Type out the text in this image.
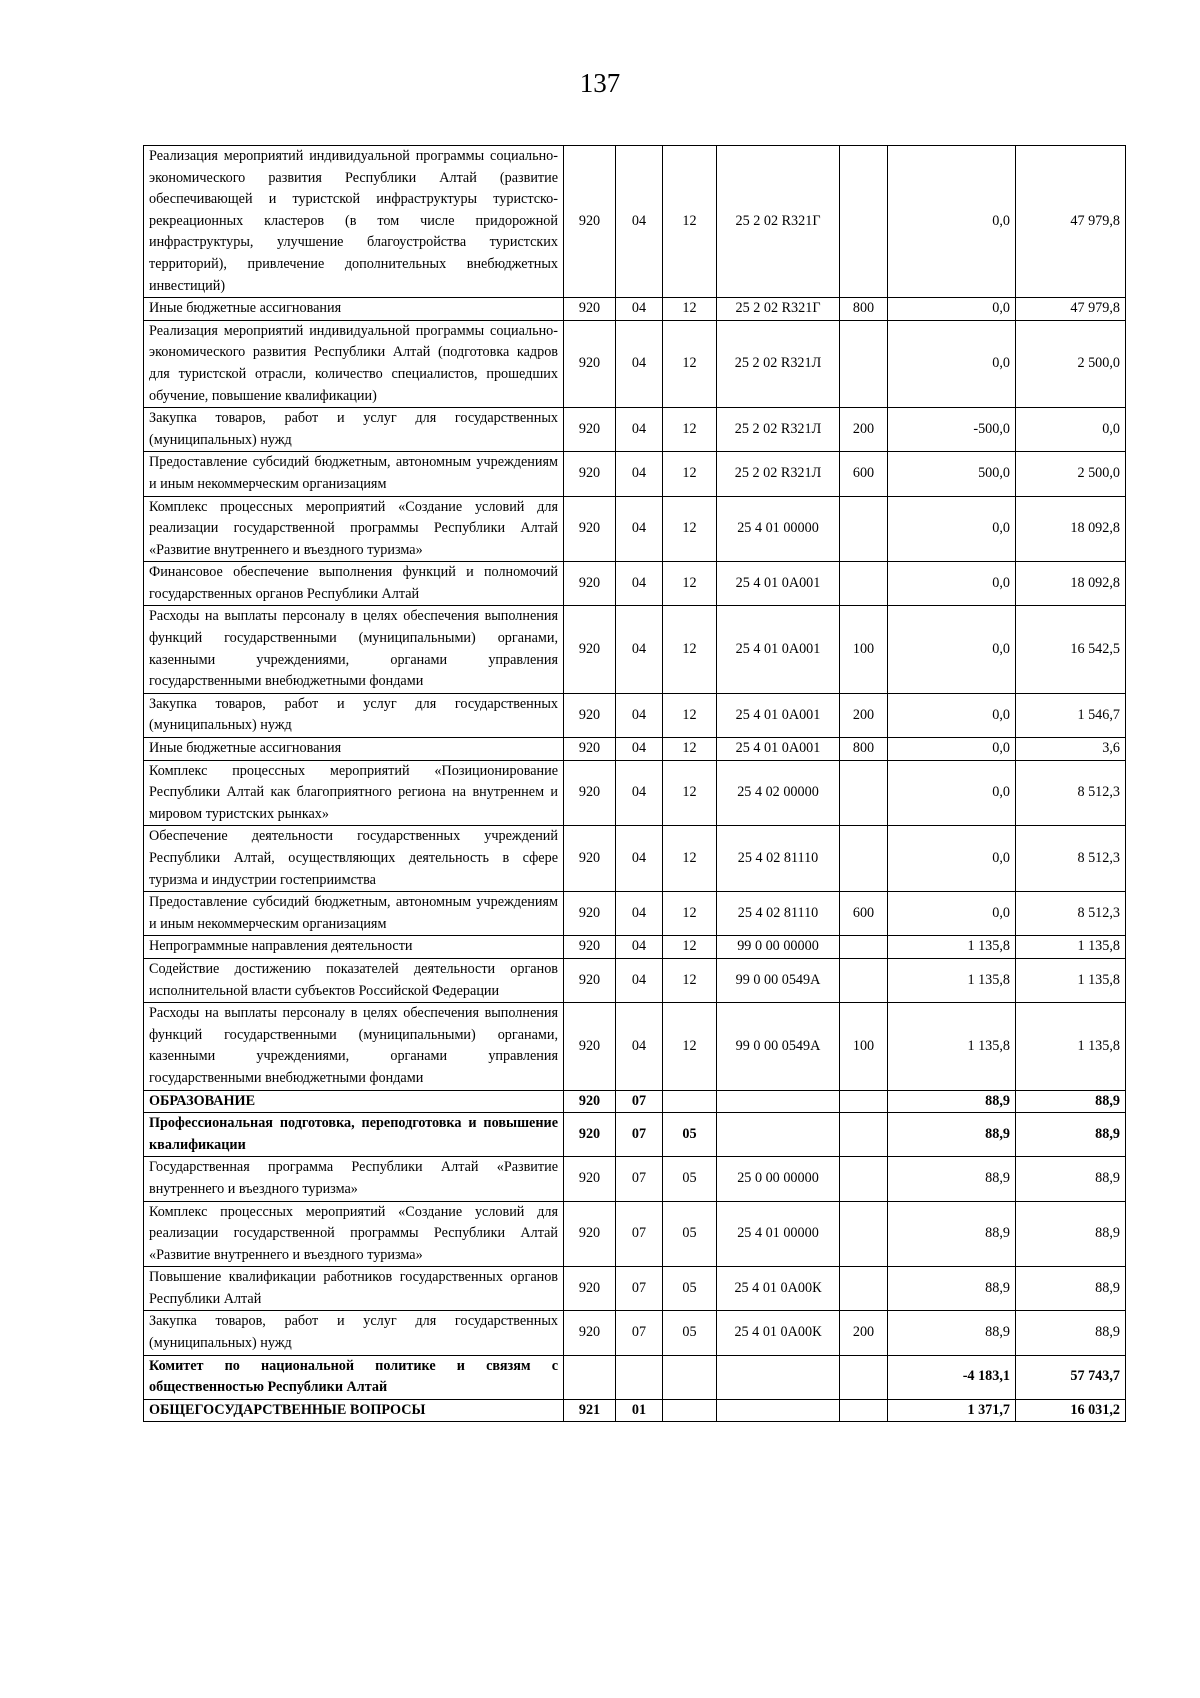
137
Реализация мероприятий индивидуальной программы социально-экономического развития Республики Алтай (развитие обеспечивающей и туристской инфраструктуры туристско-рекреационных кластеров (в том числе придорожной инфраструктуры, улучшение благоустройства туристских территорий), привлечение дополнительных внебюджетных инвестиций)	920	04	12	25 2 02 R321Г		0,0	47 979,8
Иные бюджетные ассигнования	920	04	12	25 2 02 R321Г	800	0,0	47 979,8
Реализация мероприятий индивидуальной программы социально-экономического развития Республики Алтай (подготовка кадров для туристской отрасли, количество специалистов, прошедших обучение, повышение квалификации)	920	04	12	25 2 02 R321Л		0,0	2 500,0
Закупка товаров, работ и услуг для государственных (муниципальных) нужд	920	04	12	25 2 02 R321Л	200	-500,0	0,0
Предоставление субсидий бюджетным, автономным учреждениям и иным некоммерческим организациям	920	04	12	25 2 02 R321Л	600	500,0	2 500,0
Комплекс процессных мероприятий «Создание условий для реализации государственной программы Республики Алтай «Развитие внутреннего и въездного туризма»	920	04	12	25 4 01 00000		0,0	18 092,8
Финансовое обеспечение выполнения функций и полномочий государственных органов Республики Алтай	920	04	12	25 4 01 0А001		0,0	18 092,8
Расходы на выплаты персоналу в целях обеспечения выполнения функций государственными (муниципальными) органами, казенными учреждениями, органами управления государственными внебюджетными фондами	920	04	12	25 4 01 0А001	100	0,0	16 542,5
Закупка товаров, работ и услуг для государственных (муниципальных) нужд	920	04	12	25 4 01 0А001	200	0,0	1 546,7
Иные бюджетные ассигнования	920	04	12	25 4 01 0А001	800	0,0	3,6
Комплекс процессных мероприятий «Позиционирование Республики Алтай как благоприятного региона на внутреннем и мировом туристских рынках»	920	04	12	25 4 02 00000		0,0	8 512,3
Обеспечение деятельности государственных учреждений Республики Алтай, осуществляющих деятельность в сфере туризма и индустрии гостеприимства	920	04	12	25 4 02 81110		0,0	8 512,3
Предоставление субсидий бюджетным, автономным учреждениям и иным некоммерческим организациям	920	04	12	25 4 02 81110	600	0,0	8 512,3
Непрограммные направления деятельности	920	04	12	99 0 00 00000		1 135,8	1 135,8
Содействие достижению показателей деятельности органов исполнительной власти субъектов Российской Федерации	920	04	12	99 0 00 0549А		1 135,8	1 135,8
Расходы на выплаты персоналу в целях обеспечения выполнения функций государственными (муниципальными) органами, казенными учреждениями, органами управления государственными внебюджетными фондами	920	04	12	99 0 00 0549А	100	1 135,8	1 135,8
ОБРАЗОВАНИЕ	920	07				88,9	88,9
Профессиональная подготовка, переподготовка и повышение квалификации	920	07	05			88,9	88,9
Государственная программа Республики Алтай «Развитие внутреннего и въездного туризма»	920	07	05	25 0 00 00000		88,9	88,9
Комплекс процессных мероприятий «Создание условий для реализации государственной программы Республики Алтай «Развитие внутреннего и въездного туризма»	920	07	05	25 4 01 00000		88,9	88,9
Повышение квалификации работников государственных органов Республики Алтай	920	07	05	25 4 01 0А00К		88,9	88,9
Закупка товаров, работ и услуг для государственных (муниципальных) нужд	920	07	05	25 4 01 0А00К	200	88,9	88,9
Комитет по национальной политике и связям с общественностью Республики Алтай						-4 183,1	57 743,7
ОБЩЕГОСУДАРСТВЕННЫЕ ВОПРОСЫ	921	01				1 371,7	16 031,2
